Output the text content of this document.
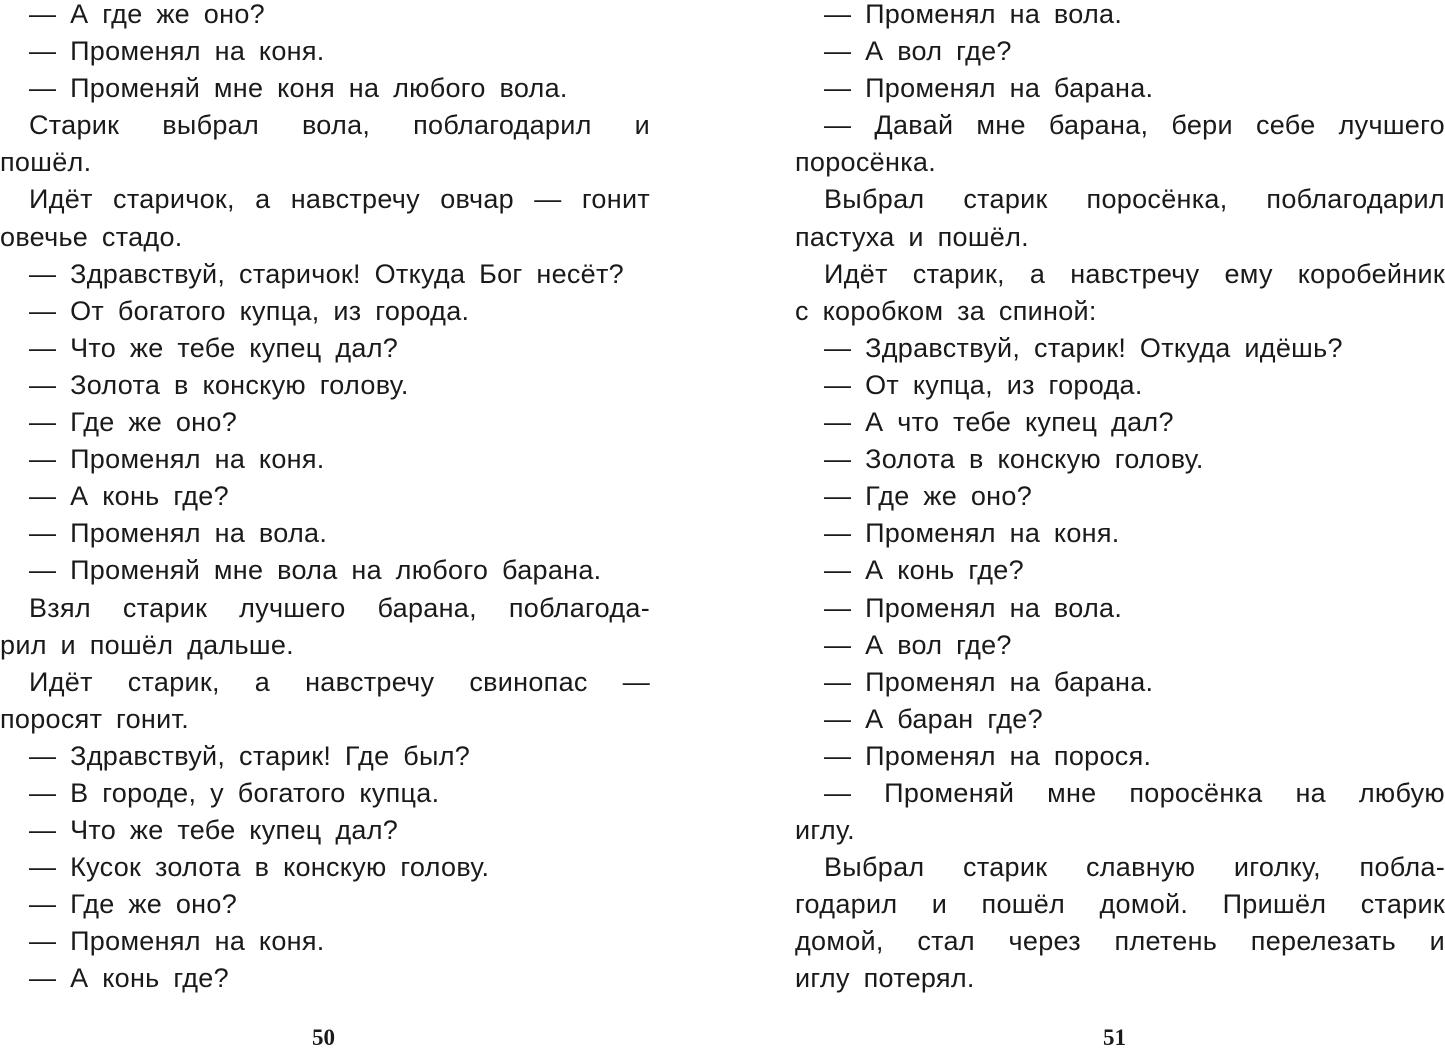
— А где же оно?
— Променял на коня.
— Променяй мне коня на любого вола.
Старик выбрал вола, поблагодарил и
пошёл.
Идёт старичок, а навстречу овчар — гонит
овечье стадо.
— Здравствуй, старичок! Откуда Бог несёт?
— От богатого купца, из города.
— Что же тебе купец дал?
— Золота в конскую голову.
— Где же оно?
— Променял на коня.
— А конь где?
— Променял на вола.
— Променяй мне вола на любого барана.
Взял старик лучшего барана, поблагода-
рил и пошёл дальше.
Идёт старик, а навстречу свинопас —
поросят гонит.
— Здравствуй, старик! Где был?
— В городе, у богатого купца.
— Что же тебе купец дал?
— Кусок золота в конскую голову.
— Где же оно?
— Променял на коня.
— А конь где?
50
— Променял на вола.
— А вол где?
— Променял на барана.
— Давай мне барана, бери себе лучшего
поросёнка.
Выбрал старик поросёнка, поблагодарил
пастуха и пошёл.
Идёт старик, а навстречу ему коробейник
с коробком за спиной:
— Здравствуй, старик! Откуда идёшь?
— От купца, из города.
— А что тебе купец дал?
— Золота в конскую голову.
— Где же оно?
— Променял на коня.
— А конь где?
— Променял на вола.
— А вол где?
— Променял на барана.
— А баран где?
— Променял на порося.
— Променяй мне поросёнка на любую
иглу.
Выбрал старик славную иголку, побла-
годарил и пошёл домой. Пришёл старик
домой, стал через плетень перелезать и
иглу потерял.
51
